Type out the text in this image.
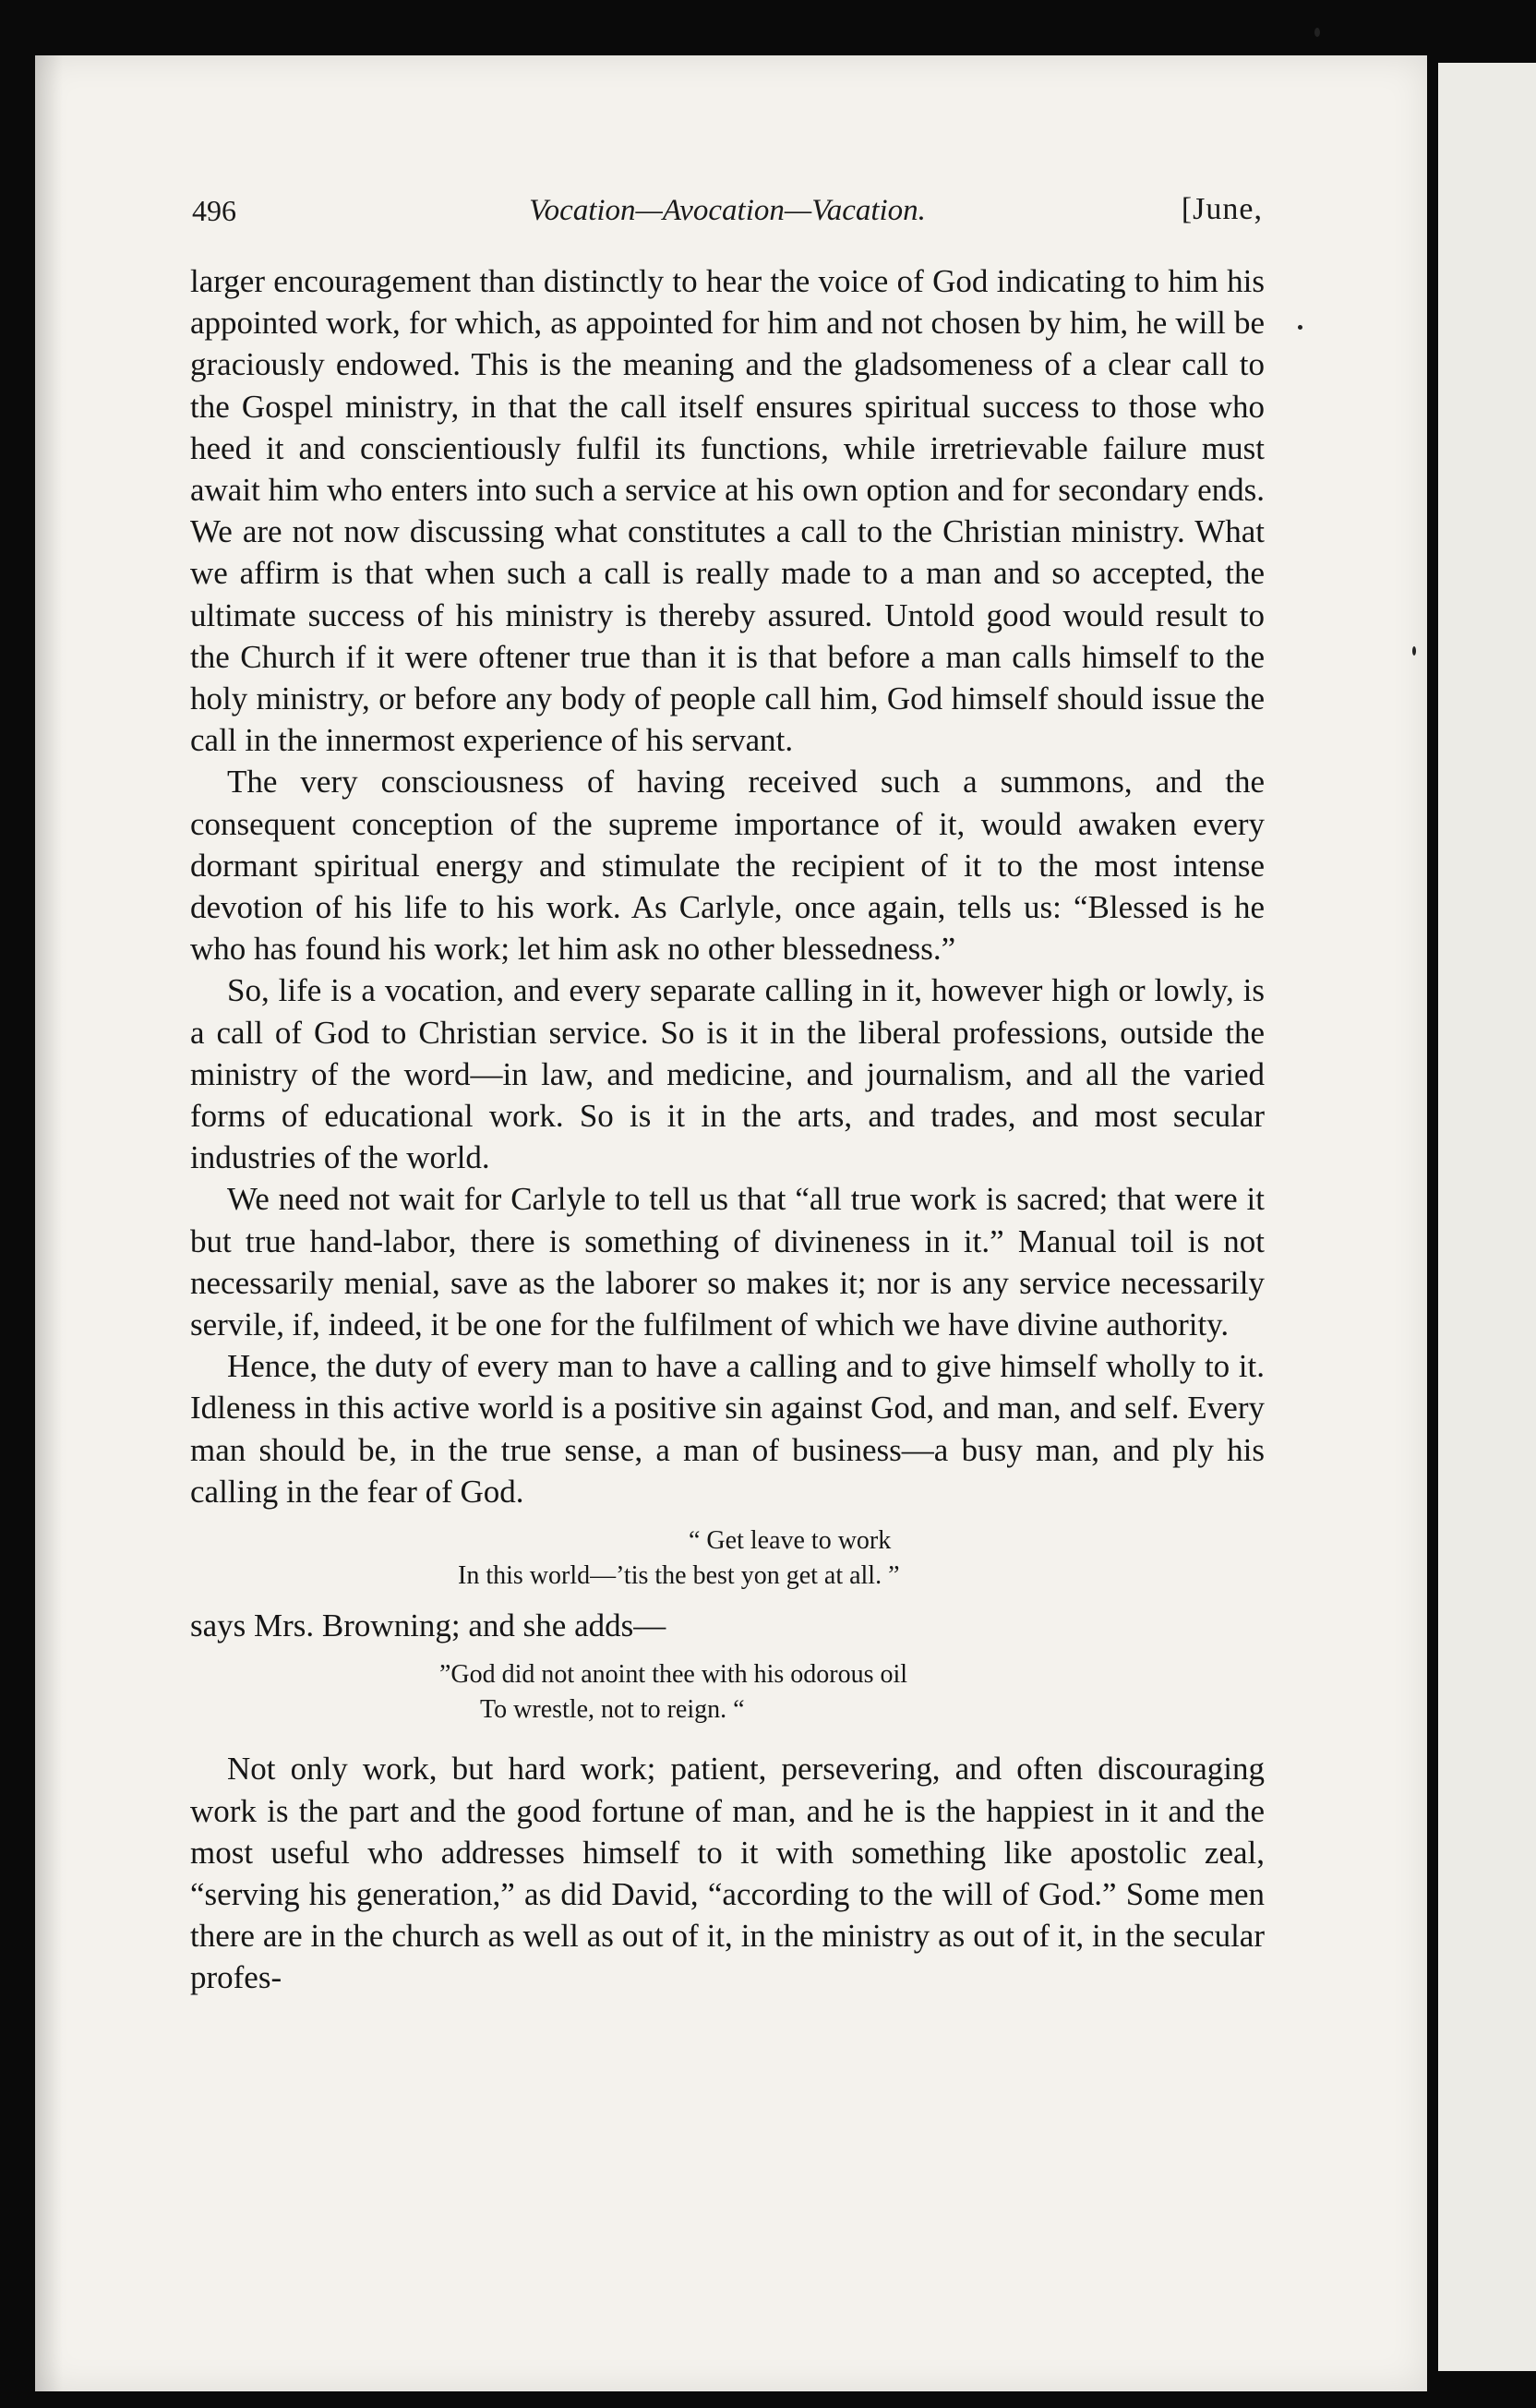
496	Vocation—Avocation—Vacation.	[June,

larger encouragement than distinctly to hear the voice of God indicating to him his appointed work, for which, as appointed for him and not chosen by him, he will be graciously endowed. This is the meaning and the gladsomeness of a clear call to the Gospel ministry, in that the call itself ensures spiritual success to those who heed it and conscientiously fulfil its functions, while irretrievable failure must await him who enters into such a service at his own option and for secondary ends. We are not now discussing what constitutes a call to the Christian ministry. What we affirm is that when such a call is really made to a man and so accepted, the ultimate success of his ministry is thereby assured. Untold good would result to the Church if it were oftener true than it is that before a man calls himself to the holy ministry, or before any body of people call him, God himself should issue the call in the innermost experience of his servant.

The very consciousness of having received such a summons, and the consequent conception of the supreme importance of it, would awaken every dormant spiritual energy and stimulate the recipient of it to the most intense devotion of his life to his work. As Carlyle, once again, tells us: “Blessed is he who has found his work; let him ask no other blessedness.”

So, life is a vocation, and every separate calling in it, however high or lowly, is a call of God to Christian service. So is it in the liberal professions, outside the ministry of the word—in law, and medicine, and journalism, and all the varied forms of educational work. So is it in the arts, and trades, and most secular industries of the world.

We need not wait for Carlyle to tell us that “all true work is sacred; that were it but true hand-labor, there is something of divineness in it.” Manual toil is not necessarily menial, save as the laborer so makes it; nor is any service necessarily servile, if, indeed, it be one for the fulfilment of which we have divine authority.

Hence, the duty of every man to have a calling and to give himself wholly to it. Idleness in this active world is a positive sin against God, and man, and self. Every man should be, in the true sense, a man of business—a busy man, and ply his calling in the fear of God.

“ Get leave to work
In this world—’tis the best yon get at all. ”

says Mrs. Browning; and she adds—

”God did not anoint thee with his odorous oil
To wrestle, not to reign. “

Not only work, but hard work; patient, persevering, and often discouraging work is the part and the good fortune of man, and he is the happiest in it and the most useful who addresses himself to it with something like apostolic zeal, “serving his generation,” as did David, “according to the will of God.” Some men there are in the church as well as out of it, in the ministry as out of it, in the secular profes-
